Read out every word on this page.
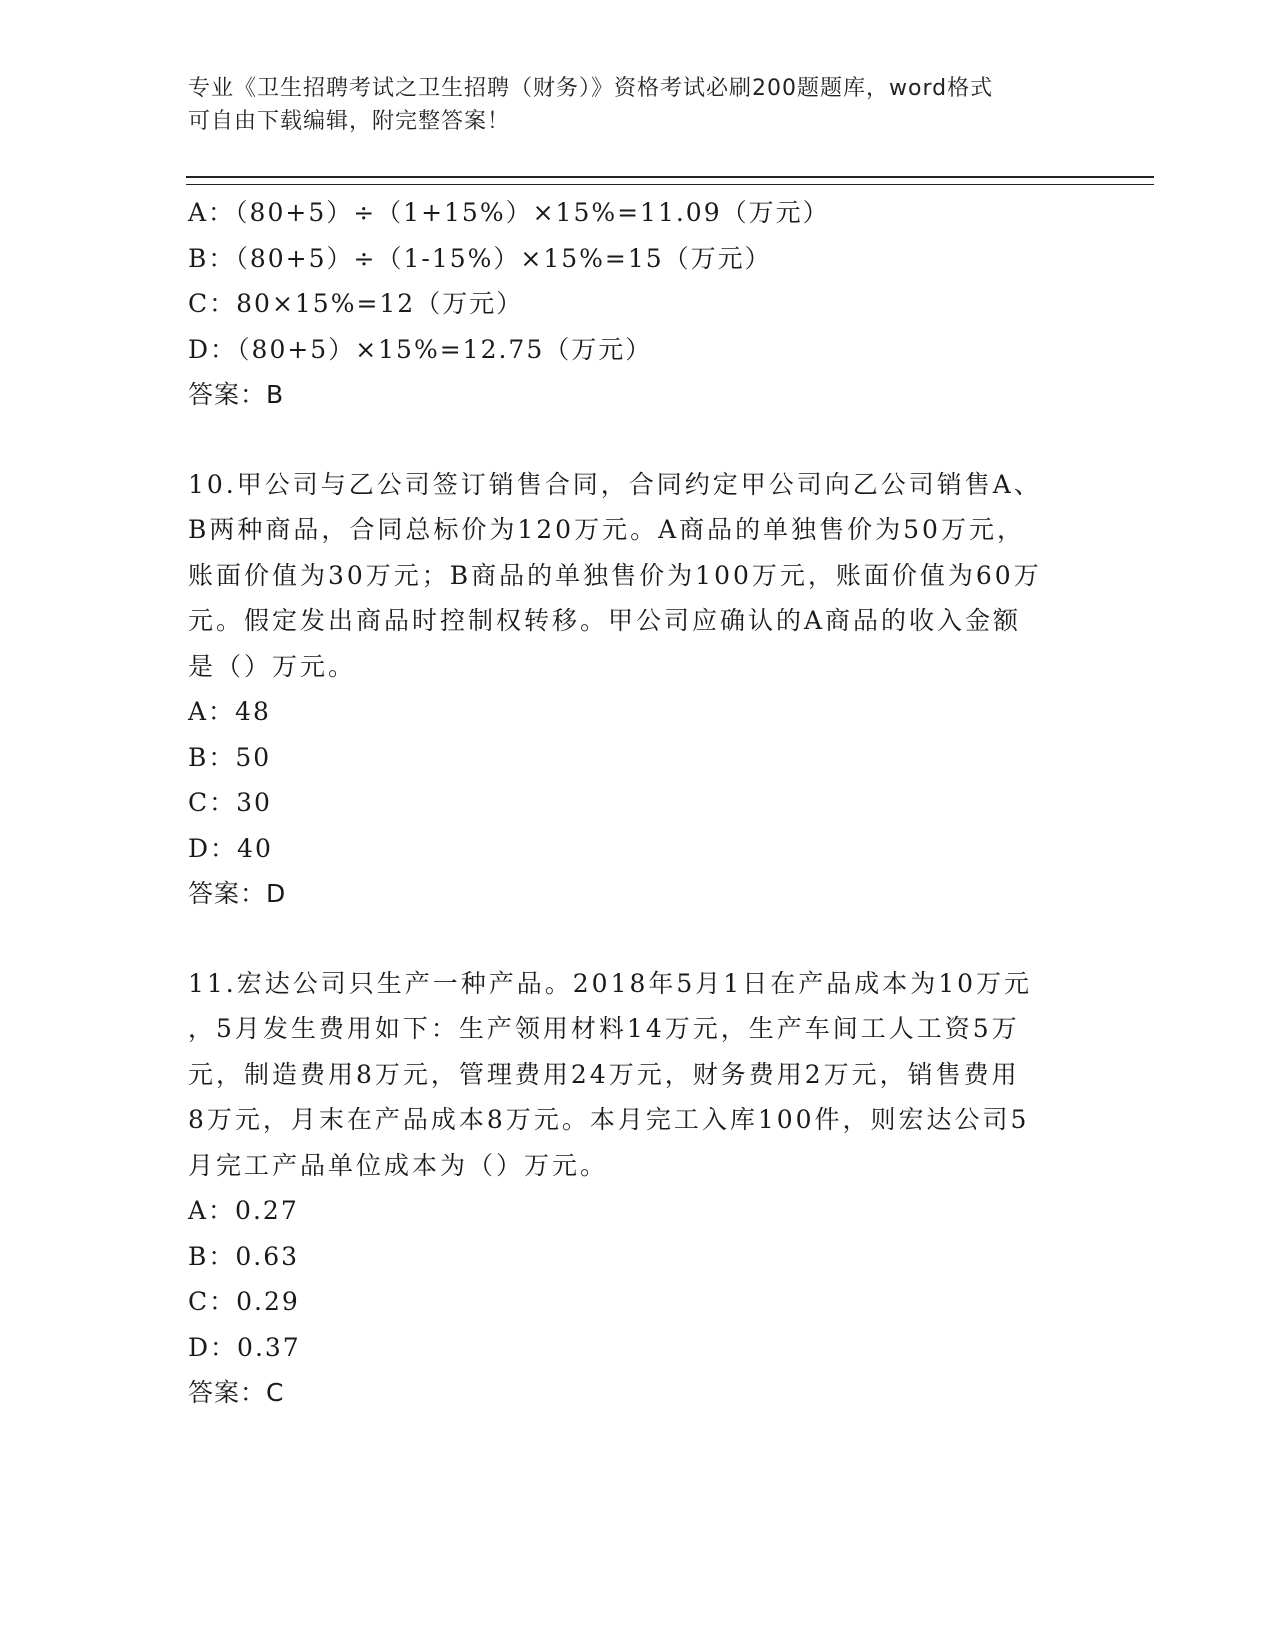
专业《卫生招聘考试之卫生招聘（财务）》资格考试必刷200题题库，word格式
可自由下载编辑，附完整答案！
A：（80+5）÷（1+15%）×15%=11.09（万元）
B：（80+5）÷（1-15%）×15%=15（万元）
C：80×15%=12（万元）
D：（80+5）×15%=12.75（万元）
答案：B
10.甲公司与乙公司签订销售合同，合同约定甲公司向乙公司销售A、
B两种商品，合同总标价为120万元。A商品的单独售价为50万元，
账面价值为30万元；B商品的单独售价为100万元，账面价值为60万
元。假定发出商品时控制权转移。甲公司应确认的A商品的收入金额
是（）万元。
A：48
B：50
C：30
D：40
答案：D
11.宏达公司只生产一种产品。2018年5月1日在产品成本为10万元
，5月发生费用如下：生产领用材料14万元，生产车间工人工资5万
元，制造费用8万元，管理费用24万元，财务费用2万元，销售费用
8万元，月末在产品成本8万元。本月完工入库100件，则宏达公司5
月完工产品单位成本为（）万元。
A：0.27
B：0.63
C：0.29
D：0.37
答案：C
